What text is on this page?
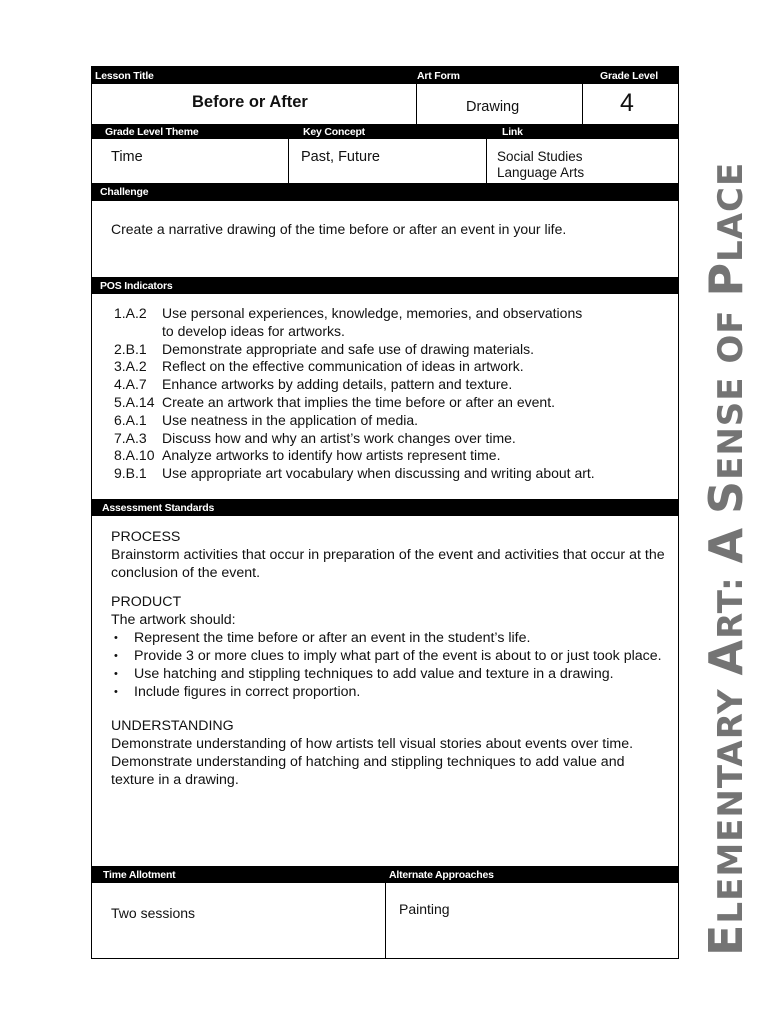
Lesson Title	Art Form	Grade Level
Before or After	Drawing	4
Grade Level Theme	Key Concept	Link
Time	Past, Future	Social Studies
Language Arts
Challenge
Create a narrative drawing of the time before or after an event in your life.
POS Indicators
1.A.2	Use personal experiences, knowledge, memories, and observations to develop ideas for artworks.
2.B.1	Demonstrate appropriate and safe use of drawing materials.
3.A.2	Reflect on the effective communication of ideas in artwork.
4.A.7	Enhance artworks by adding details, pattern and texture.
5.A.14 Create an artwork that implies the time before or after an event.
6.A.1	Use neatness in the application of media.
7.A.3	Discuss how and why an artist’s work changes over time.
8.A.10 Analyze artworks to identify how artists represent time.
9.B.1	Use appropriate art vocabulary when discussing and writing about art.
Assessment Standards
PROCESS
Brainstorm activities that occur in preparation of the event and activities that occur at the conclusion of the event.
PRODUCT
The artwork should:
• Represent the time before or after an event in the student’s life.
• Provide 3 or more clues to imply what part of the event is about to or just took place.
• Use hatching and stippling techniques to add value and texture in a drawing.
• Include figures in correct proportion.
UNDERSTANDING
Demonstrate understanding of how artists tell visual stories about events over time.
Demonstrate understanding of hatching and stippling techniques to add value and texture in a drawing.
Time Allotment	Alternate Approaches
Two sessions	Painting
ELEMENTARY ART: A SENSE OF PLACE
